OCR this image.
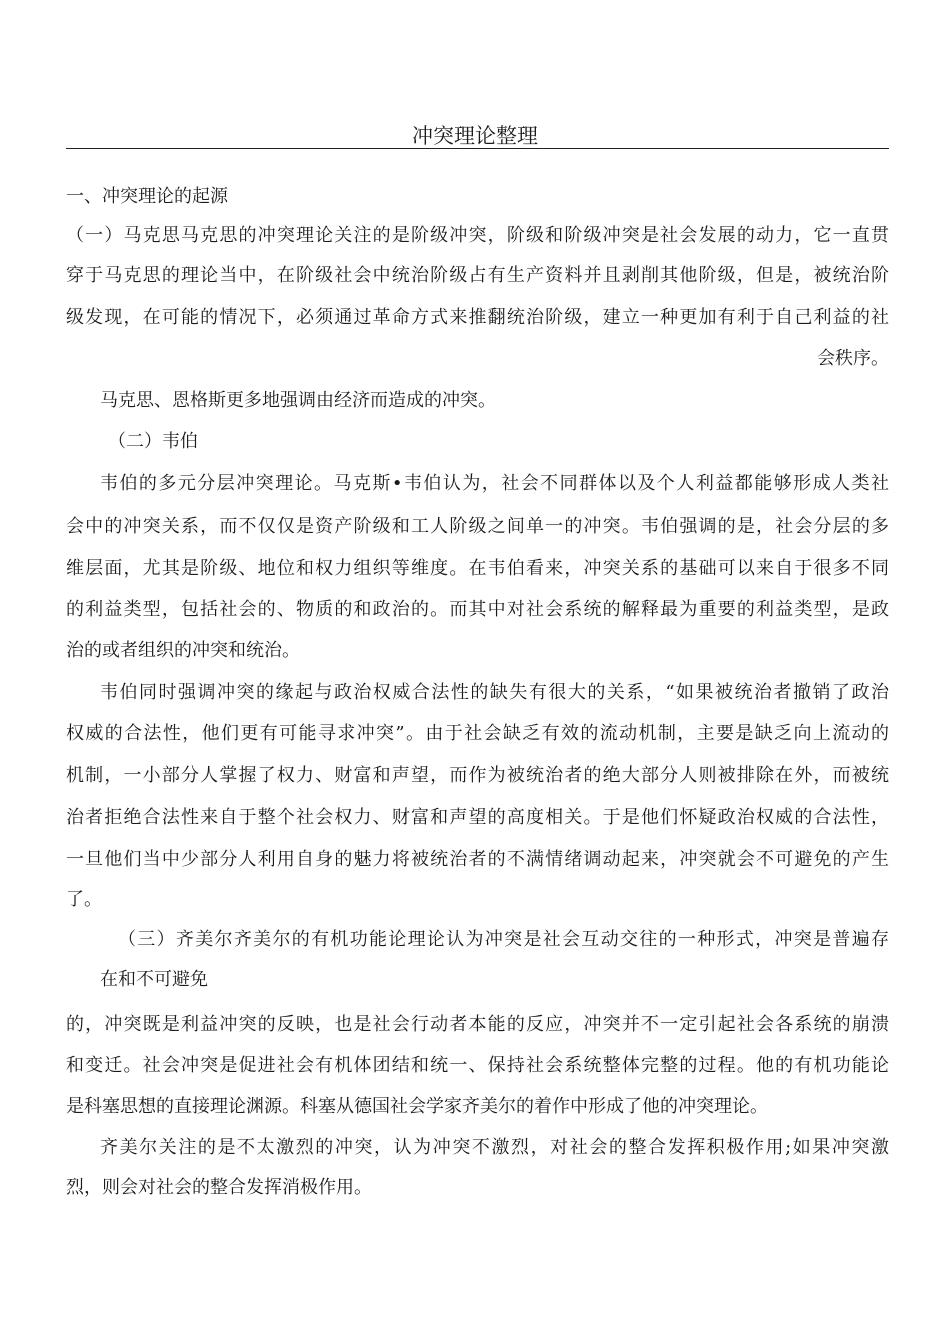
冲突理论整理
一、冲突理论的起源
（一）马克思马克思的冲突理论关注的是阶级冲突，阶级和阶级冲突是社会发展的动力，它一直贯
穿于马克思的理论当中，在阶级社会中统治阶级占有生产资料并且剥削其他阶级，但是，被统治阶
级发现，在可能的情况下，必须通过革命方式来推翻统治阶级，建立一种更加有利于自己利益的社
会秩序。
马克思、恩格斯更多地强调由经济而造成的冲突。
（二）韦伯
韦伯的多元分层冲突理论。马克斯•韦伯认为，社会不同群体以及个人利益都能够形成人类社
会中的冲突关系，而不仅仅是资产阶级和工人阶级之间单一的冲突。韦伯强调的是，社会分层的多
维层面，尤其是阶级、地位和权力组织等维度。在韦伯看来，冲突关系的基础可以来自于很多不同
的利益类型，包括社会的、物质的和政治的。而其中对社会系统的解释最为重要的利益类型，是政
治的或者组织的冲突和统治。
韦伯同时强调冲突的缘起与政治权威合法性的缺失有很大的关系，“如果被统治者撤销了政治
权威的合法性，他们更有可能寻求冲突”。由于社会缺乏有效的流动机制，主要是缺乏向上流动的
机制，一小部分人掌握了权力、财富和声望，而作为被统治者的绝大部分人则被排除在外，而被统
治者拒绝合法性来自于整个社会权力、财富和声望的高度相关。于是他们怀疑政治权威的合法性，
一旦他们当中少部分人利用自身的魅力将被统治者的不满情绪调动起来，冲突就会不可避免的产生
了。
（三）齐美尔齐美尔的有机功能论理论认为冲突是社会互动交往的一种形式，冲突是普遍存
在和不可避免
的，冲突既是利益冲突的反映，也是社会行动者本能的反应，冲突并不一定引起社会各系统的崩溃
和变迁。社会冲突是促进社会有机体团结和统一、保持社会系统整体完整的过程。他的有机功能论
是科塞思想的直接理论渊源。科塞从德国社会学家齐美尔的着作中形成了他的冲突理论。
齐美尔关注的是不太激烈的冲突，认为冲突不激烈，对社会的整合发挥积极作用;如果冲突激
烈，则会对社会的整合发挥消极作用。
